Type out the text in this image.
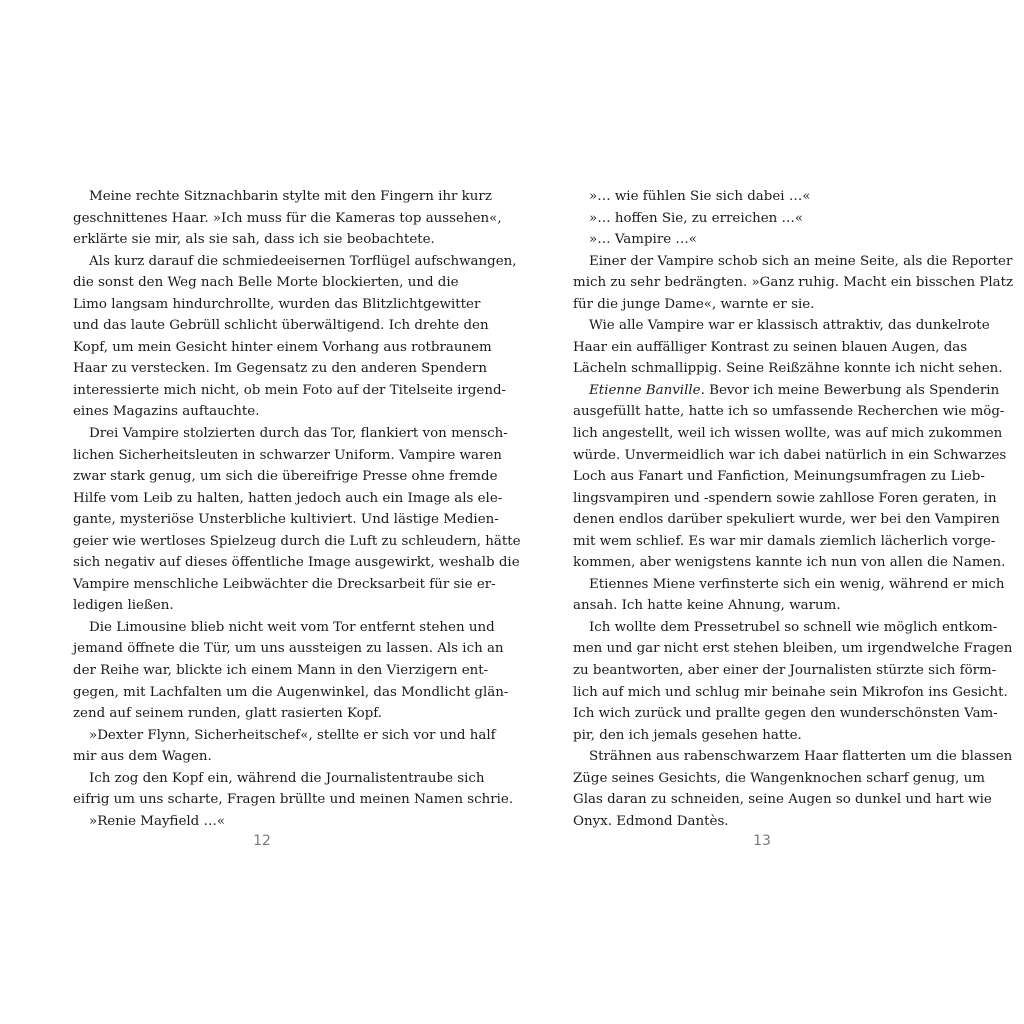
Meine rechte Sitznachbarin stylte mit den Fingern ihr kurz
geschnittenes Haar. »Ich muss für die Kameras top aussehen«,
erklärte sie mir, als sie sah, dass ich sie beobachtete.
Als kurz darauf die schmiedeeisernen Torflügel aufschwangen,
die sonst den Weg nach Belle Morte blockierten, und die
Limo langsam hindurchrollte, wurden das Blitzlichtgewitter
und das laute Gebrüll schlicht überwältigend. Ich drehte den
Kopf, um mein Gesicht hinter einem Vorhang aus rotbraunem
Haar zu verstecken. Im Gegensatz zu den anderen Spendern
interessierte mich nicht, ob mein Foto auf der Titelseite irgend-
eines Magazins auftauchte.
Drei Vampire stolzierten durch das Tor, flankiert von mensch-
lichen Sicherheitsleuten in schwarzer Uniform. Vampire waren
zwar stark genug, um sich die übereifrige Presse ohne fremde
Hilfe vom Leib zu halten, hatten jedoch auch ein Image als ele-
gante, mysteriöse Unsterbliche kultiviert. Und lästige Medien-
geier wie wertloses Spielzeug durch die Luft zu schleudern, hätte
sich negativ auf dieses öffentliche Image ausgewirkt, weshalb die
Vampire menschliche Leibwächter die Drecksarbeit für sie er-
ledigen ließen.
Die Limousine blieb nicht weit vom Tor entfernt stehen und
jemand öffnete die Tür, um uns aussteigen zu lassen. Als ich an
der Reihe war, blickte ich einem Mann in den Vierzigern ent-
gegen, mit Lachfalten um die Augenwinkel, das Mondlicht glän-
zend auf seinem runden, glatt rasierten Kopf.
»Dexter Flynn, Sicherheitschef«, stellte er sich vor und half
mir aus dem Wagen.
Ich zog den Kopf ein, während die Journalistentraube sich
eifrig um uns scharte, Fragen brüllte und meinen Namen schrie.
»Renie Mayfield …«
12
»… wie fühlen Sie sich dabei …«
»… hoffen Sie, zu erreichen …«
»… Vampire …«
Einer der Vampire schob sich an meine Seite, als die Reporter
mich zu sehr bedrängten. »Ganz ruhig. Macht ein bisschen Platz
für die junge Dame«, warnte er sie.
Wie alle Vampire war er klassisch attraktiv, das dunkelrote
Haar ein auffälliger Kontrast zu seinen blauen Augen, das
Lächeln schmallippig. Seine Reißzähne konnte ich nicht sehen.
Etienne Banville. Bevor ich meine Bewerbung als Spenderin
ausgefüllt hatte, hatte ich so umfassende Recherchen wie mög-
lich angestellt, weil ich wissen wollte, was auf mich zukommen
würde. Unvermeidlich war ich dabei natürlich in ein Schwarzes
Loch aus Fanart und Fanfiction, Meinungsumfragen zu Lieb-
lingsvampiren und -spendern sowie zahllose Foren geraten, in
denen endlos darüber spekuliert wurde, wer bei den Vampiren
mit wem schlief. Es war mir damals ziemlich lächerlich vorge-
kommen, aber wenigstens kannte ich nun von allen die Namen.
Etiennes Miene verfinsterte sich ein wenig, während er mich
ansah. Ich hatte keine Ahnung, warum.
Ich wollte dem Pressetrubel so schnell wie möglich entkom-
men und gar nicht erst stehen bleiben, um irgendwelche Fragen
zu beantworten, aber einer der Journalisten stürzte sich förm-
lich auf mich und schlug mir beinahe sein Mikrofon ins Gesicht.
Ich wich zurück und prallte gegen den wunderschönsten Vam-
pir, den ich jemals gesehen hatte.
Strähnen aus rabenschwarzem Haar flatterten um die blassen
Züge seines Gesichts, die Wangenknochen scharf genug, um
Glas daran zu schneiden, seine Augen so dunkel und hart wie
Onyx. Edmond Dantès.
13
